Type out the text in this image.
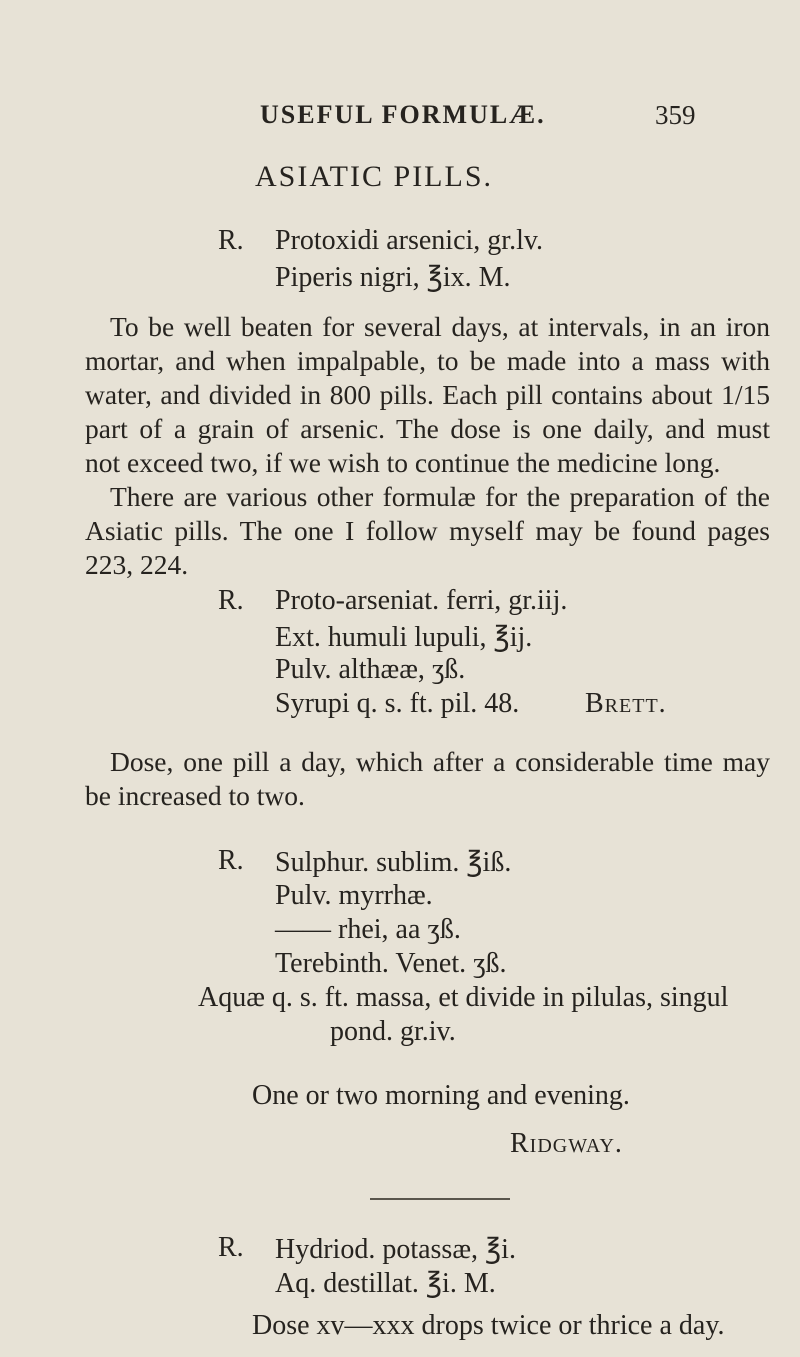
USEFUL FORMULÆ.	359
ASIATIC PILLS.
R. Protoxidi arsenici, gr.lv.
Piperis nigri, ℥ix. M.
To be well beaten for several days, at intervals, in an iron
mortar, and when impalpable, to be made into a mass with
water, and divided in 800 pills. Each pill contains about 1/15
part of a grain of arsenic. The dose is one daily, and must
not exceed two, if we wish to continue the medicine long.
There are various other formulæ for the preparation of the
Asiatic pills. The one I follow myself may be found pages
223, 224.
R. Proto-arseniat. ferri, gr.iij.
Ext. humuli lupuli, ℥ij.
Pulv. althææ, ʒß.
Syrupi q. s. ft. pil. 48. Brett.
Dose, one pill a day, which after a considerable time may
be increased to two.
R. Sulphur. sublim. ℥iß.
Pulv. myrrhæ.
—— rhei, aa ʒß.
Terebinth. Venet. ʒß.
Aquæ q. s. ft. massa, et divide in pilulas, singul
pond. gr.iv.
One or two morning and evening.
Ridgway.
R. Hydriod. potassæ, ℥i.
Aq. destillat. ℥i. M.
Dose xv—xxx drops twice or thrice a day.
